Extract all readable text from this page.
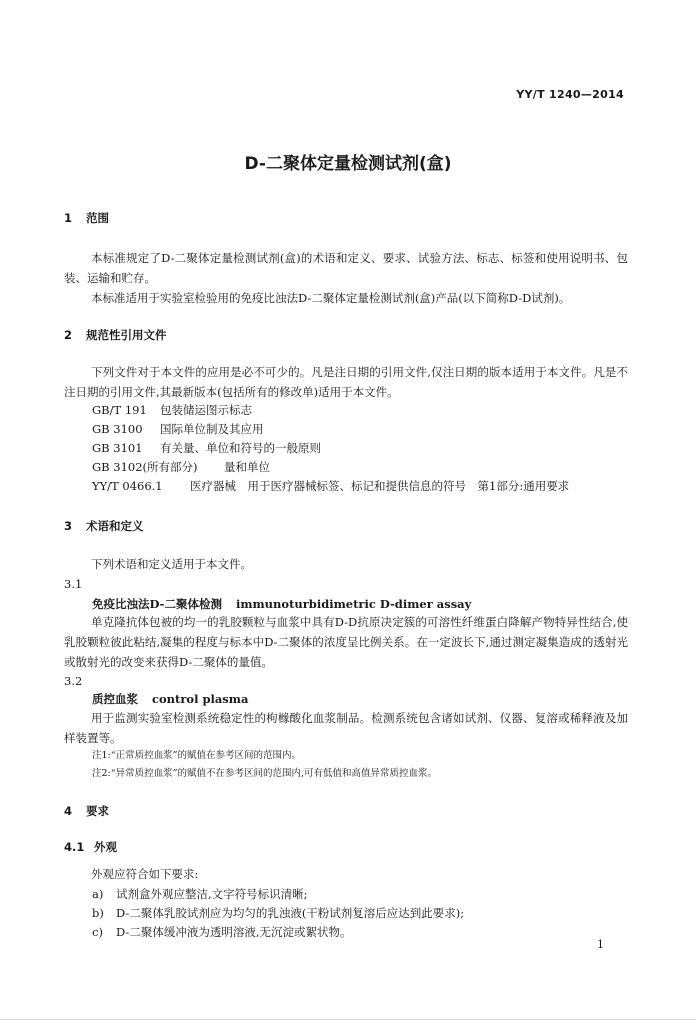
YY/T 1240—2014
D-二聚体定量检测试剂(盒)
1 范围
本标准规定了D-二聚体定量检测试剂(盒)的术语和定义、要求、试验方法、标志、标签和使用说明书、包装、运输和贮存。
本标准适用于实验室检验用的免疫比浊法D-二聚体定量检测试剂(盒)产品(以下简称D-D试剂)。
2 规范性引用文件
下列文件对于本文件的应用是必不可少的。凡是注日期的引用文件,仅注日期的版本适用于本文件。凡是不注日期的引用文件,其最新版本(包括所有的修改单)适用于本文件。
GB/T 191 包装储运图示标志
GB 3100 国际单位制及其应用
GB 3101 有关量、单位和符号的一般原则
GB 3102(所有部分) 量和单位
YY/T 0466.1 医疗器械　用于医疗器械标签、标记和提供信息的符号　第1部分:通用要求
3 术语和定义
下列术语和定义适用于本文件。
3.1
免疫比浊法D-二聚体检测 immunoturbidimetric D-dimer assay
单克隆抗体包被的均一的乳胶颗粒与血浆中具有D-D抗原决定簇的可溶性纤维蛋白降解产物特异性结合,使乳胶颗粒彼此粘结,凝集的程度与标本中D-二聚体的浓度呈比例关系。在一定波长下,通过测定凝集造成的透射光或散射光的改变来获得D-二聚体的量值。
3.2
质控血浆 control plasma
用于监测实验室检测系统稳定性的枸橼酸化血浆制品。检测系统包含诸如试剂、仪器、复溶或稀释液及加样装置等。
注1:“正常质控血浆”的赋值在参考区间的范围内。
注2:“异常质控血浆”的赋值不在参考区间的范围内,可有低值和高值异常质控血浆。
4 要求
4.1 外观
外观应符合如下要求:
a) 试剂盒外观应整洁,文字符号标识清晰;
b) D-二聚体乳胶试剂应为均匀的乳浊液(干粉试剂复溶后应达到此要求);
c) D-二聚体缓冲液为透明溶液,无沉淀或絮状物。
1
